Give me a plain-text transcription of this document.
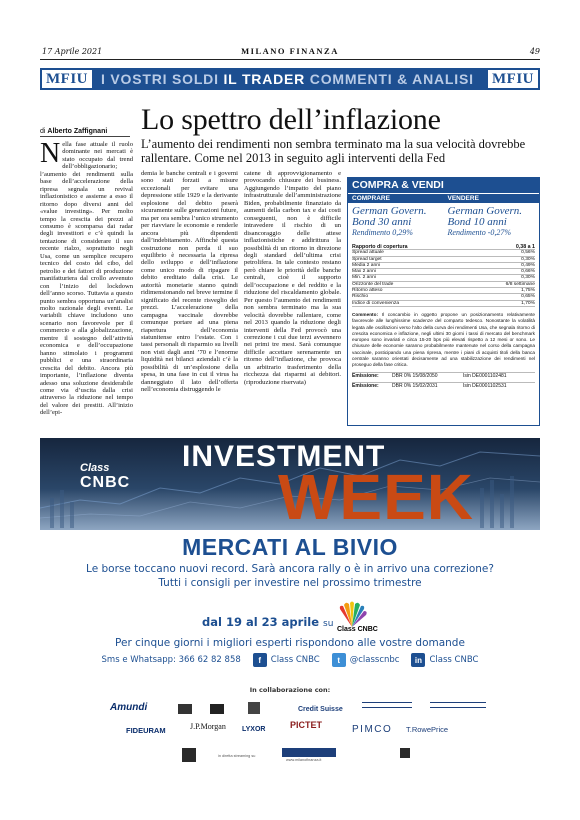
17 Aprile 2021	MILANO FINANZA	49
MFIU I VOSTRI SOLDI IL TRADER COMMENTI & ANALISI	MFIU
di Alberto Zaffignani	Lo spettro dell’inflazione
L’aumento dei rendimenti non sembra terminato ma la sua velocità dovrebbe rallentare. Come nel 2013 in seguito agli interventi della Fed
Nella fase attuale il ruolo dominante nei mercati è stato occupato dal trend dell’obbligazionario; l’aumento dei rendimenti sulla base dell’accelerazione della ripresa segnala un revival inflazionistico e assieme a esso il ritorno dopo diversi anni del «value investing». Per molto tempo la crescita dei prezzi al consumo è scomparsa dai radar degli investitori e c’è quindi la tentazione di considerare il suo recente rialzo, soprattutto negli Usa, come un semplice recupero tecnico del costo del cibo, del petrolio e dei fattori di produzione manifatturiera dal crollo avvenuto con l’inizio del lockdown dell’anno scorso. Tuttavia a questo punto sembra opportuna un’analisi molto razionale degli eventi. Le variabili chiave includono uno scenario non favorevole per il commercio e alla globalizzazione, mentre il sostegno dell’attività economica e dell’occupazione hanno stimolato i programmi pubblici e una straordinaria crescita del debito. Ancora più importante, l’inflazione diventa adesso una soluzione desiderabile come via d’uscita dalla crisi attraverso la riduzione nel tempo del valore dei prestiti. All’inizio dell’epi-
demia le banche centrali e i governi sono stati forzati a misure eccezionali per evitare una depressione stile 1929 e la derivante esplosione del debito peserà sicuramente sulle generazioni future, ma per ora sembra l’unico strumento per riavviare le economie e renderle ancora più dipendenti dall’indebitamento. Affinché questa costruzione non perda il suo equilibrio è necessaria la ripresa dello sviluppo e dell’inflazione come unico modo di ripagare il debito ereditato dalla crisi. Le autorità monetarie stanno quindi ridimensionando nel breve termine il significato del recente risveglio dei prezzi. L’accelerazione della campagna vaccinale dovrebbe comunque portare ad una piena riapertura dell’economia statunitense entro l’estate. Con i tassi personali di risparmio su livelli non visti dagli anni ’70 e l’enorme liquidità nei bilanci aziendali c’è la possibilità di un’esplosione della spesa, in una fase in cui il virus ha danneggiato il lato dell’offerta nell’economia distruggendo le
catene di approvvigionamento e provocando chiusure dei business. Aggiungendo l’impatto del piano infrastrutturale dell’amministrazione Biden, probabilmente finanziato da aumenti della carbon tax e dai costi conseguenti, non è difficile intravedere il rischio di un disancoraggio delle attese inflazionistiche e addirittura la possibilità di un ritorno in direzione degli standard dell’ultima crisi petrolifera. In tale contesto restano però chiare le priorità delle banche centrali, cioè il supporto dell’occupazione e del reddito e la riduzione del riscaldamento globale. Per questo l’aumento dei rendimenti non sembra terminato ma la sua velocità dovrebbe rallentare, come nel 2013 quando la riduzione degli interventi della Fed provocò una correzione i cui due terzi avvennero nei primi tre mesi. Sarà comunque difficile accettare serenamente un ritorno dell’inflazione, che provoca un arbitrario trasferimento della ricchezza dai risparmi ai debitori. (riproduzione riservata)
COMPRA & VENDI
COMPRARE	VENDERE
German Govern. Bond 30 anni
Rendimento 0,29%
German Govern. Bond 10 anni
Rendimento -0,27%
Rapporto di copertura	0,38 a 1
Spread attuale	0,56%
Spread target	0,30%
Media 2 anni	0,49%
Max 2 anni	0,66%
Min. 2 anni	0,30%
Orizzonte del trade	6/8 settimane
Ritorno atteso	1,75%
Rischio	0,65%
Indice di convenienza	1,70%
Commento: Il concambio in oggetto propone un posizionamento relativamente favorevole alle lunghissime scadenze del comparto tedesco. Nonostante la volatilità legata alle oscillazioni verso l’alto della curva dei rendimenti Usa, che segnala ritorno di crescita economica e inflazione, negli ultimi 30 giorni i tassi di mercato del benchmark europeo sono invariati e circa 15-20 bps più elevati rispetto a 12 mesi or sono. Le chiusure delle economie saranno probabilmente mantenute nel corso della campagna vaccinale, posticipando una piena ripresa, mentre i piani di acquisti titoli della banca centrale saranno orientati decisamente ad una stabilizzazione dei rendimenti nel proseguo della fase critica.
Emissione:	DBR 0% 15/08/2050	Isin DE0001102481
Emissione:	DBR 0% 15/02/2031	Isin DE0001102531
Class
CNBC
INVESTMENT
WEEK
MERCATI AL BIVIO
Le borse toccano nuovi record. Sarà ancora rally o è in arrivo una correzione?
Tutti i consigli per investire nel prossimo trimestre
dal 19 al 23 aprile su
Class CNBC
Per cinque giorni i migliori esperti rispondono alle vostre domande
Sms e Whatsapp: 366 62 82 858	f	Class CNBC	t	@classcnbc	in Class CNBC
In collaborazione con:
Amundi	Credit Suisse
FIDEURAM	J.P.Morgan LYXOR	PICTET	PIMCO T.RowePrice
in diretta streaming su
www.milanofinanza.it
